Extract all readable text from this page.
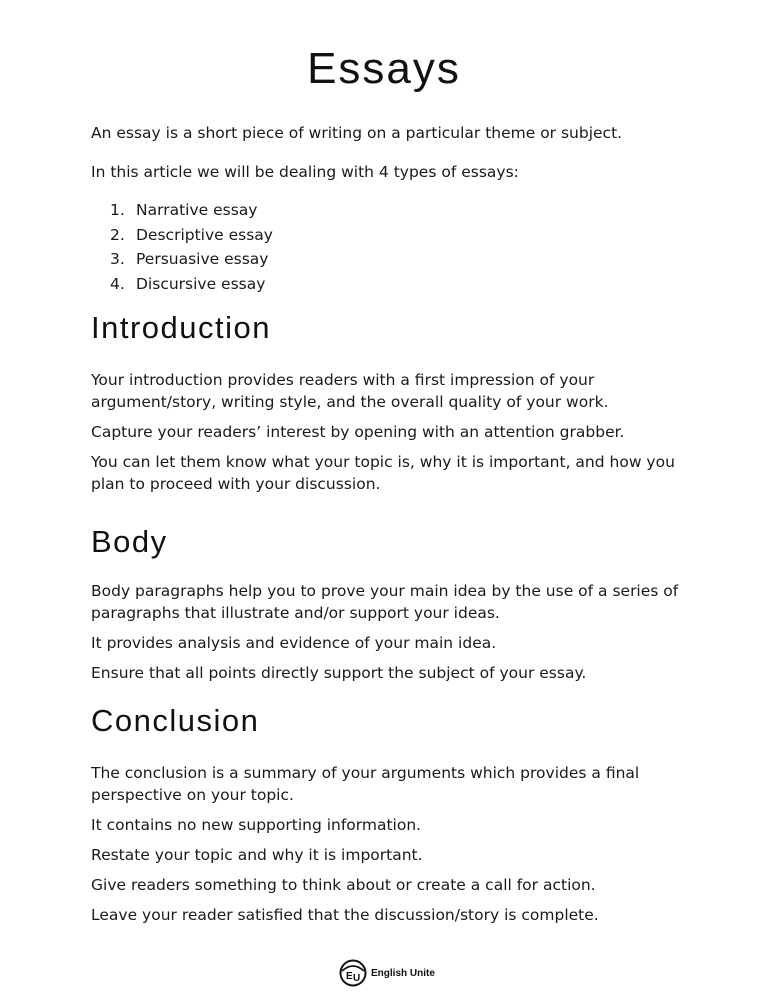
Essays

An essay is a short piece of writing on a particular theme or subject.

In this article we will be dealing with 4 types of essays:

1. Narrative essay
2. Descriptive essay
3. Persuasive essay
4. Discursive essay
Introduction

Your introduction provides readers with a first impression of your argument/story, writing style, and the overall quality of your work.

Capture your readers’ interest by opening with an attention grabber.

You can let them know what your topic is, why it is important, and how you plan to proceed with your discussion.

Body

Body paragraphs help you to prove your main idea by the use of a series of paragraphs that illustrate and/or support your ideas.

It provides analysis and evidence of your main idea.

Ensure that all points directly support the subject of your essay.

Conclusion

The conclusion is a summary of your arguments which provides a final perspective on your topic.

It contains no new supporting information.

Restate your topic and why it is important.

Give readers something to think about or create a call for action.

Leave your reader satisfied that the discussion/story is complete.

E U English Unite
